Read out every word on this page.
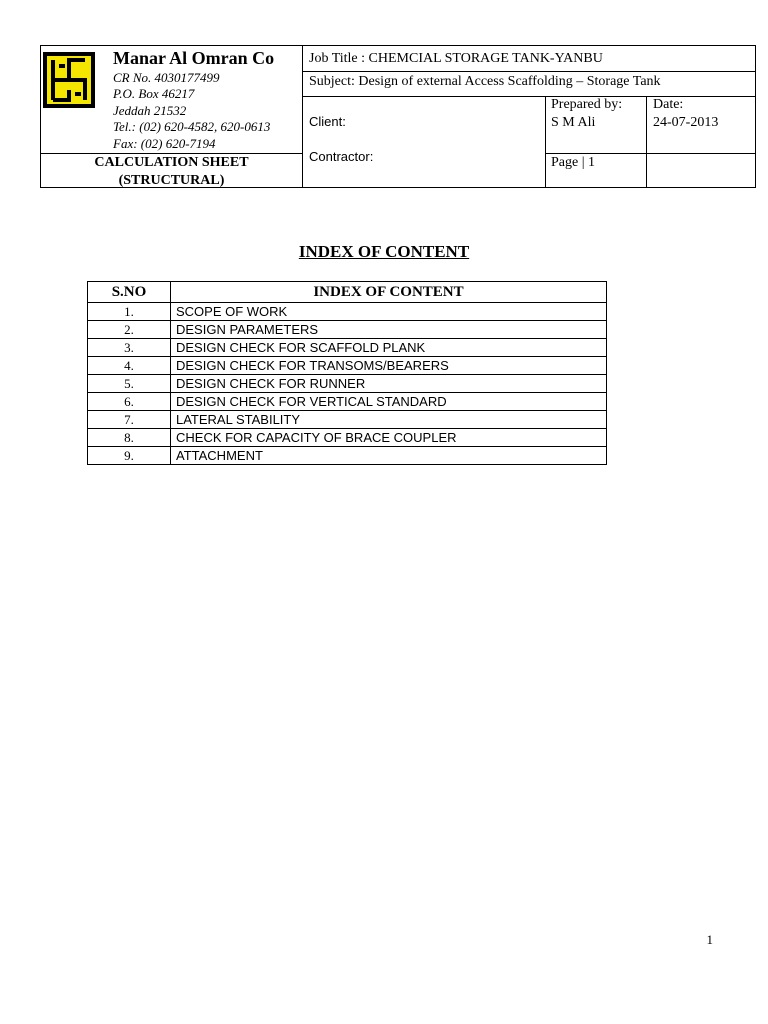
Manar Al Omran Co
CR No. 4030177499
P.O. Box 46217
Jeddah 21532
Tel.: (02) 620-4582, 620-0613
Fax: (02) 620-7194
CALCULATION SHEET
(STRUCTURAL)
Job Title : CHEMCIAL STORAGE TANK-YANBU
Subject: Design of external Access Scaffolding – Storage Tank
Client:
Contractor:
Prepared by:
S M Ali
Date:
24-07-2013
Page | 1
INDEX OF CONTENT
S.NO	INDEX OF CONTENT
1.	SCOPE OF WORK
2.	DESIGN PARAMETERS
3.	DESIGN CHECK FOR SCAFFOLD PLANK
4.	DESIGN CHECK FOR TRANSOMS/BEARERS
5.	DESIGN CHECK FOR RUNNER
6.	DESIGN CHECK FOR VERTICAL STANDARD
7.	LATERAL STABILITY
8.	CHECK FOR CAPACITY OF BRACE COUPLER
9.	ATTACHMENT
1
